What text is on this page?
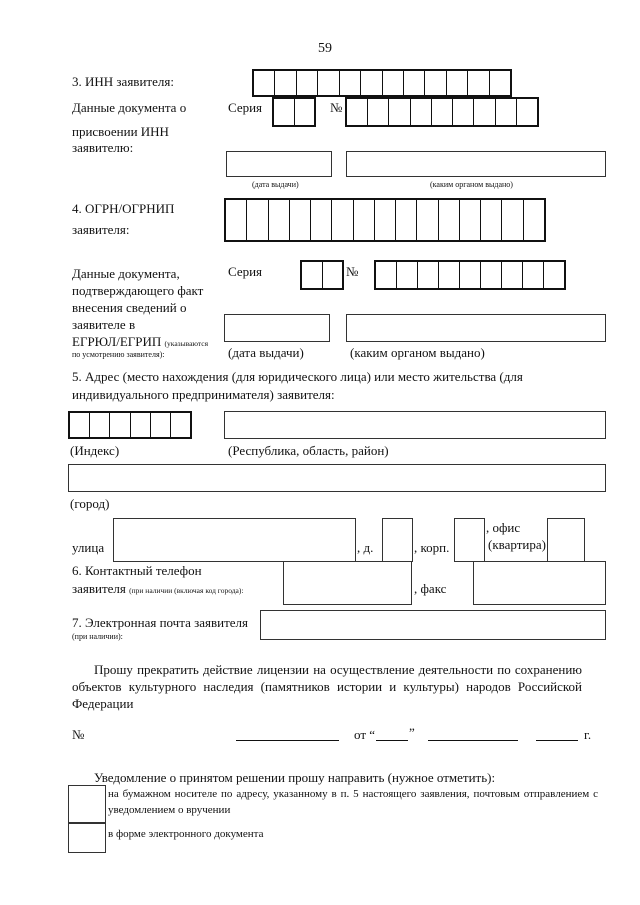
59
3. ИНН заявителя:
Данные документа о
присвоении ИНН
заявителю:
Серия	№
(дата выдачи)	(каким органом выдано)
4. ОГРН/ОГРНИП
заявителя:
Данные документа,
подтверждающего факт
внесения сведений о
заявителе в
ЕГРЮЛ/ЕГРИП (указываются
по усмотрению заявителя):
Серия	№
(дата выдачи)	(каким органом выдано)
5. Адрес (место нахождения (для юридического лица) или место жительства (для
индивидуального предпринимателя) заявителя:
(Индекс)	(Республика, область, район)
(город)
улица	, д.	, корп.
, офис
(квартира)
6. Контактный телефон
заявителя (при наличии (включая код города):	, факс
7. Электронная почта заявителя
(при наличии):
Прошу прекратить действие лицензии на осуществление деятельности по сохранению объектов культурного наследия (памятников истории и культуры) народов Российской Федерации
№	от “	”	г.
Уведомление о принятом решении прошу направить (нужное отметить):
на бумажном носителе по адресу, указанному в п. 5 настоящего заявления, почтовым отправлением с уведомлением о вручении
в форме электронного документа
